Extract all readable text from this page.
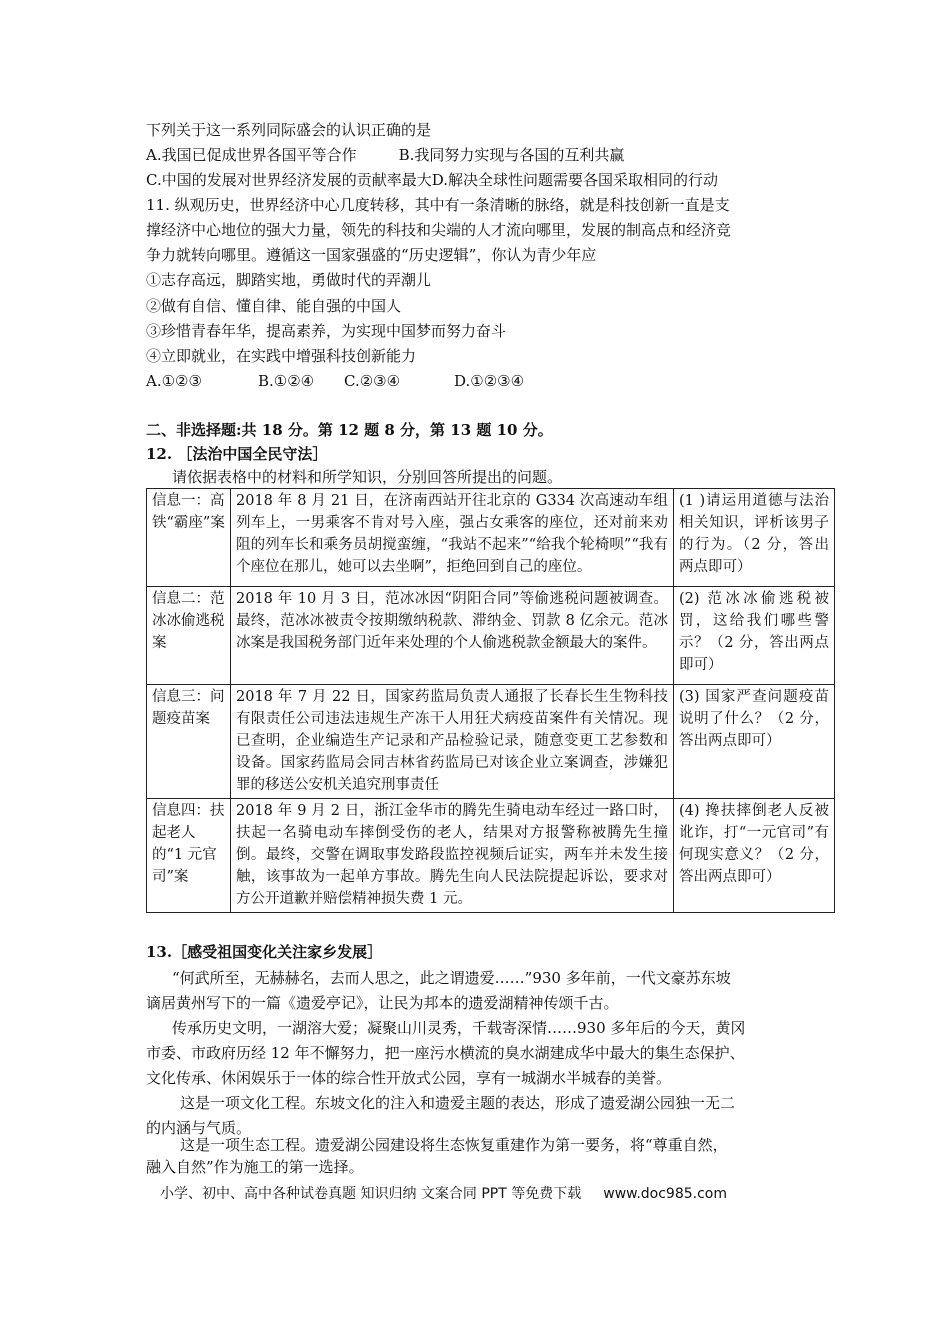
下列关于这一系列同际盛会的认识正确的是
A.我国已促成世界各国平等合作	B.我同努力实现与各国的互利共赢
C.中国的发展对世界经济发展的贡献率最大D.解决全球性问题需要各国采取相同的行动
11. 纵观历史，世界经济中心几度转移，其中有一条清晰的脉络，就是科技创新一直是支
撑经济中心地位的强大力量，领先的科技和尖端的人才流向哪里，发展的制高点和经济竞
争力就转向哪里。遵循这一国家强盛的“历史逻辑”，你认为青少年应
①志存高远，脚踏实地，勇做时代的弄潮儿
②做有自信、懂自律、能自强的中国人
③珍惜青春年华，提高素养，为实现中国梦而努力奋斗
④立即就业，在实践中增强科技创新能力
A.①②③	B.①②④ C.②③④	D.①②③④
二、非选择题:共 18 分。第 12 题 8 分，第 13 题 10 分。
12. ［法治中国全民守法］
请依据表格中的材料和所学知识，分别回答所提出的问题。
信息一：高铁“霸座”案	2018 年 8 月 21 日，在济南西站开往北京的 G334 次高速动车组列车上，一男乘客不肯对号入座，强占女乘客的座位，还对前来劝阻的列车长和乘务员胡搅蛮缠，“我站不起来”“给我个轮椅呗”“我有个座位在那儿，她可以去坐啊”，拒绝回到自己的座位。	(1 )请运用道德与法治相关知识，评析该男子的行为。（2 分，答出两点即可）
信息二：范冰冰偷逃税案	2018 年 10 月 3 日，范冰冰因“阴阳合同”等偷逃税问题被调查。最终，范冰冰被责令按期缴纳税款、滞纳金、罚款 8 亿余元。范冰冰案是我国税务部门近年来处理的个人偷逃税款金额最大的案件。	(2) 范冰冰偷逃税被罚，这给我们哪些警示？（2 分，答出两点即可）
信息三：问题疫苗案	2018 年 7 月 22 日，国家药监局负责人通报了长春长生生物科技有限责任公司违法违规生产冻干人用狂犬病疫苗案件有关情况。现已查明，企业编造生产记录和产品检验记录，随意变更工艺参数和设备。国家药监局会同吉林省药监局已对该企业立案调查，涉嫌犯罪的移送公安机关追究刑事责任	(3) 国家严查问题疫苗说明了什么？（2 分，答出两点即可）
信息四：扶起老人的“1 元官司”案	2018 年 9 月 2 日，浙江金华市的腾先生骑电动车经过一路口时，扶起一名骑电动车摔倒受伤的老人，结果对方报警称被腾先生撞倒。最终，交警在调取事发路段监控视频后证实，两车并未发生接触，该事故为一起单方事故。腾先生向人民法院提起诉讼，要求对方公开道歉并赔偿精神损失费 1 元。	(4) 搀扶摔倒老人反被讹诈，打“一元官司”有何现实意义？（2 分，答出两点即可）
13.［感受祖国变化关注家乡发展］
“何武所至，无赫赫名，去而人思之，此之谓遗爱……”930 多年前，一代文豪苏东坡
谪居黄州写下的一篇《遗爱亭记》，让民为邦本的遗爱湖精神传颂千古。
传承历史文明，一湖溶大爱；凝聚山川灵秀，千载寄深情……930 多年后的今天，黄冈
市委、市政府历经 12 年不懈努力，把一座污水横流的臭水湖建成华中最大的集生态保护、
文化传承、休闲娱乐于一体的综合性开放式公园，享有一城湖水半城春的美誉。
这是一项文化工程。东坡文化的注入和遗爱主题的表达，形成了遗爱湖公园独一无二
的内涵与气质。
这是一项生态工程。遗爱湖公园建设将生态恢复重建作为第一要务，将“尊重自然，
小学、初中、高中各种试卷真题 知识归纳 文案合同 PPT 等免费下载 www.doc985.com
融入自然”作为施工的第一选择。
